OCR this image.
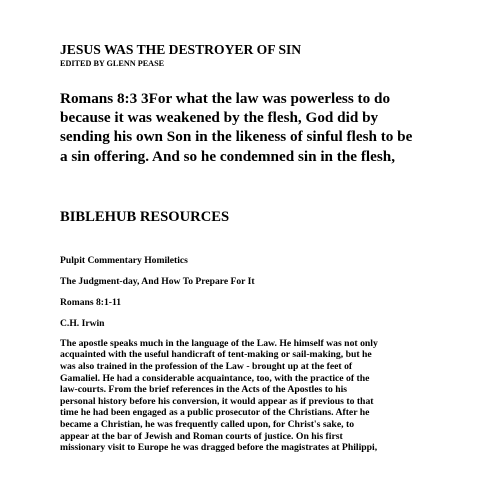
JESUS WAS THE DESTROYER OF SIN
EDITED BY GLENN PEASE
Romans 8:3 3For what the law was powerless to do
because it was weakened by the flesh, God did by
sending his own Son in the likeness of sinful flesh to be
a sin offering. And so he condemned sin in the flesh,
BIBLEHUB RESOURCES
Pulpit Commentary Homiletics
The Judgment-day, And How To Prepare For It
Romans 8:1-11
C.H. Irwin
The apostle speaks much in the language of the Law. He himself was not only
acquainted with the useful handicraft of tent-making or sail-making, but he
was also trained in the profession of the Law - brought up at the feet of
Gamaliel. He had a considerable acquaintance, too, with the practice of the
law-courts. From the brief references in the Acts of the Apostles to his
personal history before his conversion, it would appear as if previous to that
time he had been engaged as a public prosecutor of the Christians. After he
became a Christian, he was frequently called upon, for Christ's sake, to
appear at the bar of Jewish and Roman courts of justice. On his first
missionary visit to Europe he was dragged before the magistrates at Philippi,
